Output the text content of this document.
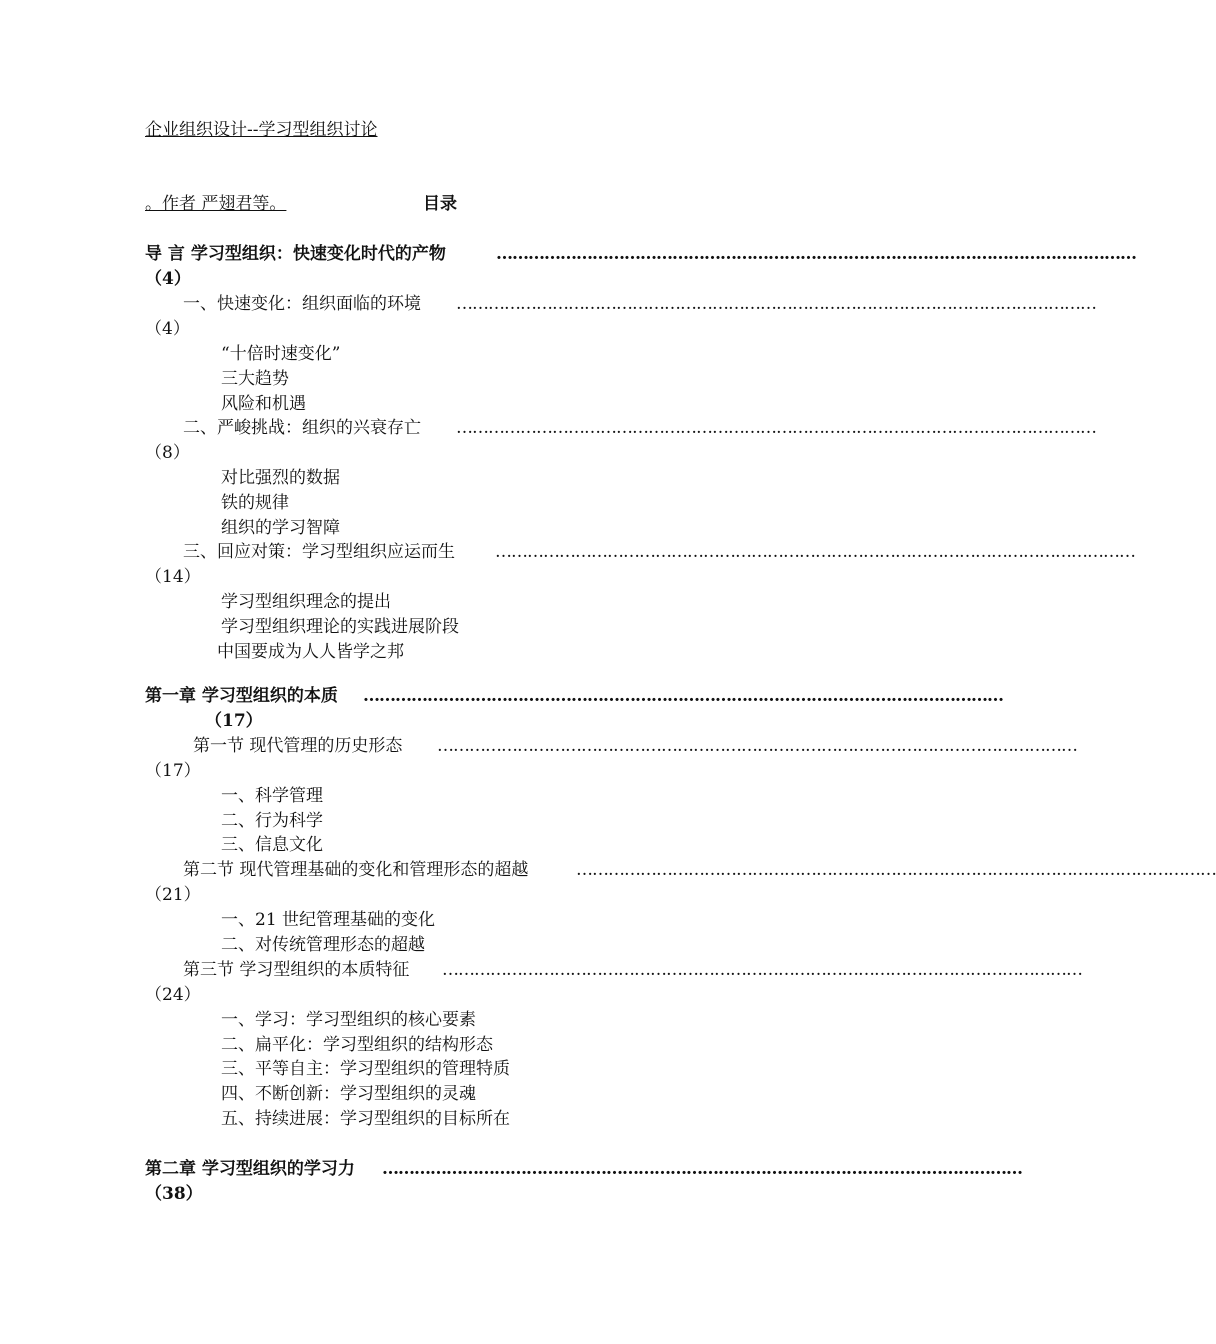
企业组织设计--学习型组织讨论
。作者 严翅君等。	目录
导 言 学习型组织：快速变化时代的产物	…………………………………………………………………………………………………………
（4）
一、快速变化：组织面临的环境 …………………………………………………………………………………………………………
（4）
“十倍时速变化”
三大趋势
风险和机遇
二、严峻挑战：组织的兴衰存亡 …………………………………………………………………………………………………………
（8）
对比强烈的数据
铁的规律
组织的学习智障
三、回应对策：学习型组织应运而生 …………………………………………………………………………………………………………
（14）
学习型组织理念的提出
学习型组织理论的实践进展阶段
中国要成为人人皆学之邦
第一章 学习型组织的本质 …………………………………………………………………………………………………………
（17）
第一节 现代管理的历史形态 …………………………………………………………………………………………………………
（17）
一、科学管理
二、行为科学
三、信息文化
第二节 现代管理基础的变化和管理形态的超越	…………………………………………………………………………………………………………
（21）
一、21 世纪管理基础的变化
二、对传统管理形态的超越
第三节 学习型组织的本质特征 …………………………………………………………………………………………………………
（24）
一、学习：学习型组织的核心要素
二、扁平化：学习型组织的结构形态
三、平等自主：学习型组织的管理特质
四、不断创新：学习型组织的灵魂
五、持续进展：学习型组织的目标所在
第二章 学习型组织的学习力 …………………………………………………………………………………………………………
（38）
